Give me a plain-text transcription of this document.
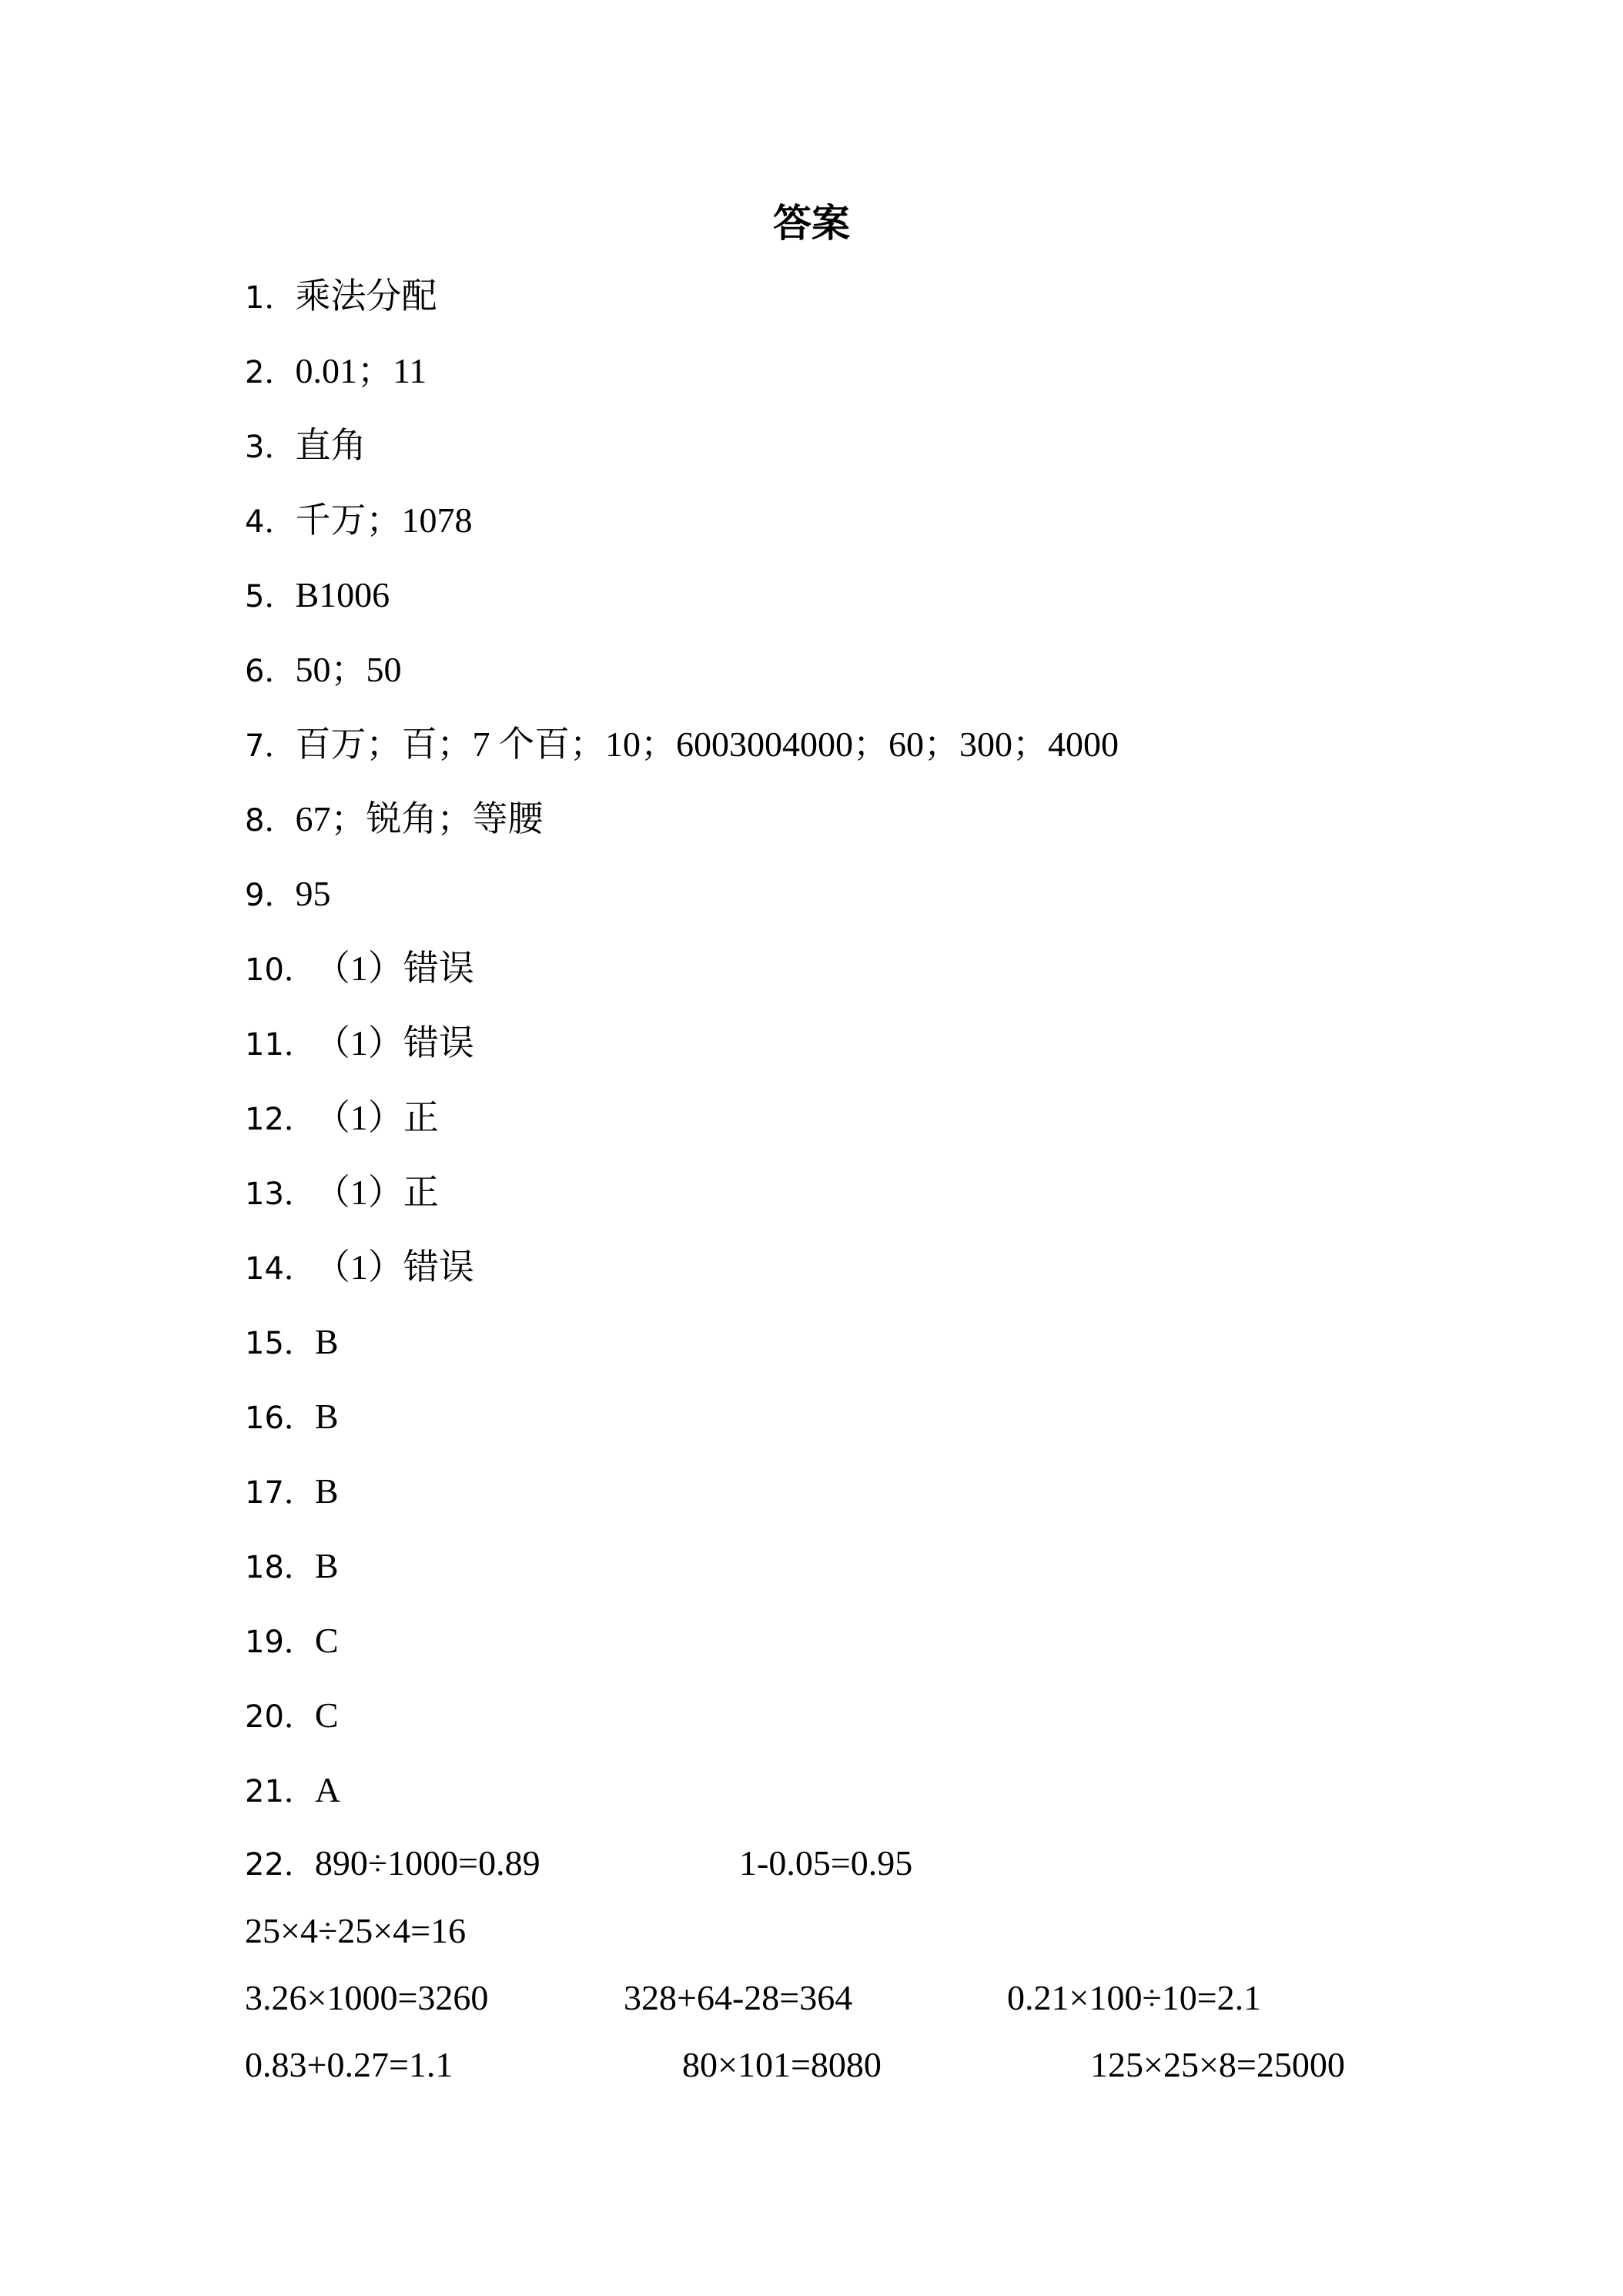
答案
1． 乘法分配
2． 0.01；11
3． 直角
4． 千万；1078
5． B1006
6． 50；50
7． 百万；百；7 个百；10；6003004000；60；300；4000
8． 67；锐角；等腰
9． 95
10． （1）错误
11． （1）错误
12． （1）正
13． （1）正
14． （1）错误
15． B
16． B
17． B
18． B
19． C
20． C
21． A
22．890÷1000=0.89	1-0.05=0.95
25×4÷25×4=16
3.26×1000=3260	328+64-28=364	0.21×100÷10=2.1
0.83+0.27=1.1	80×101=8080	125×25×8=25000
